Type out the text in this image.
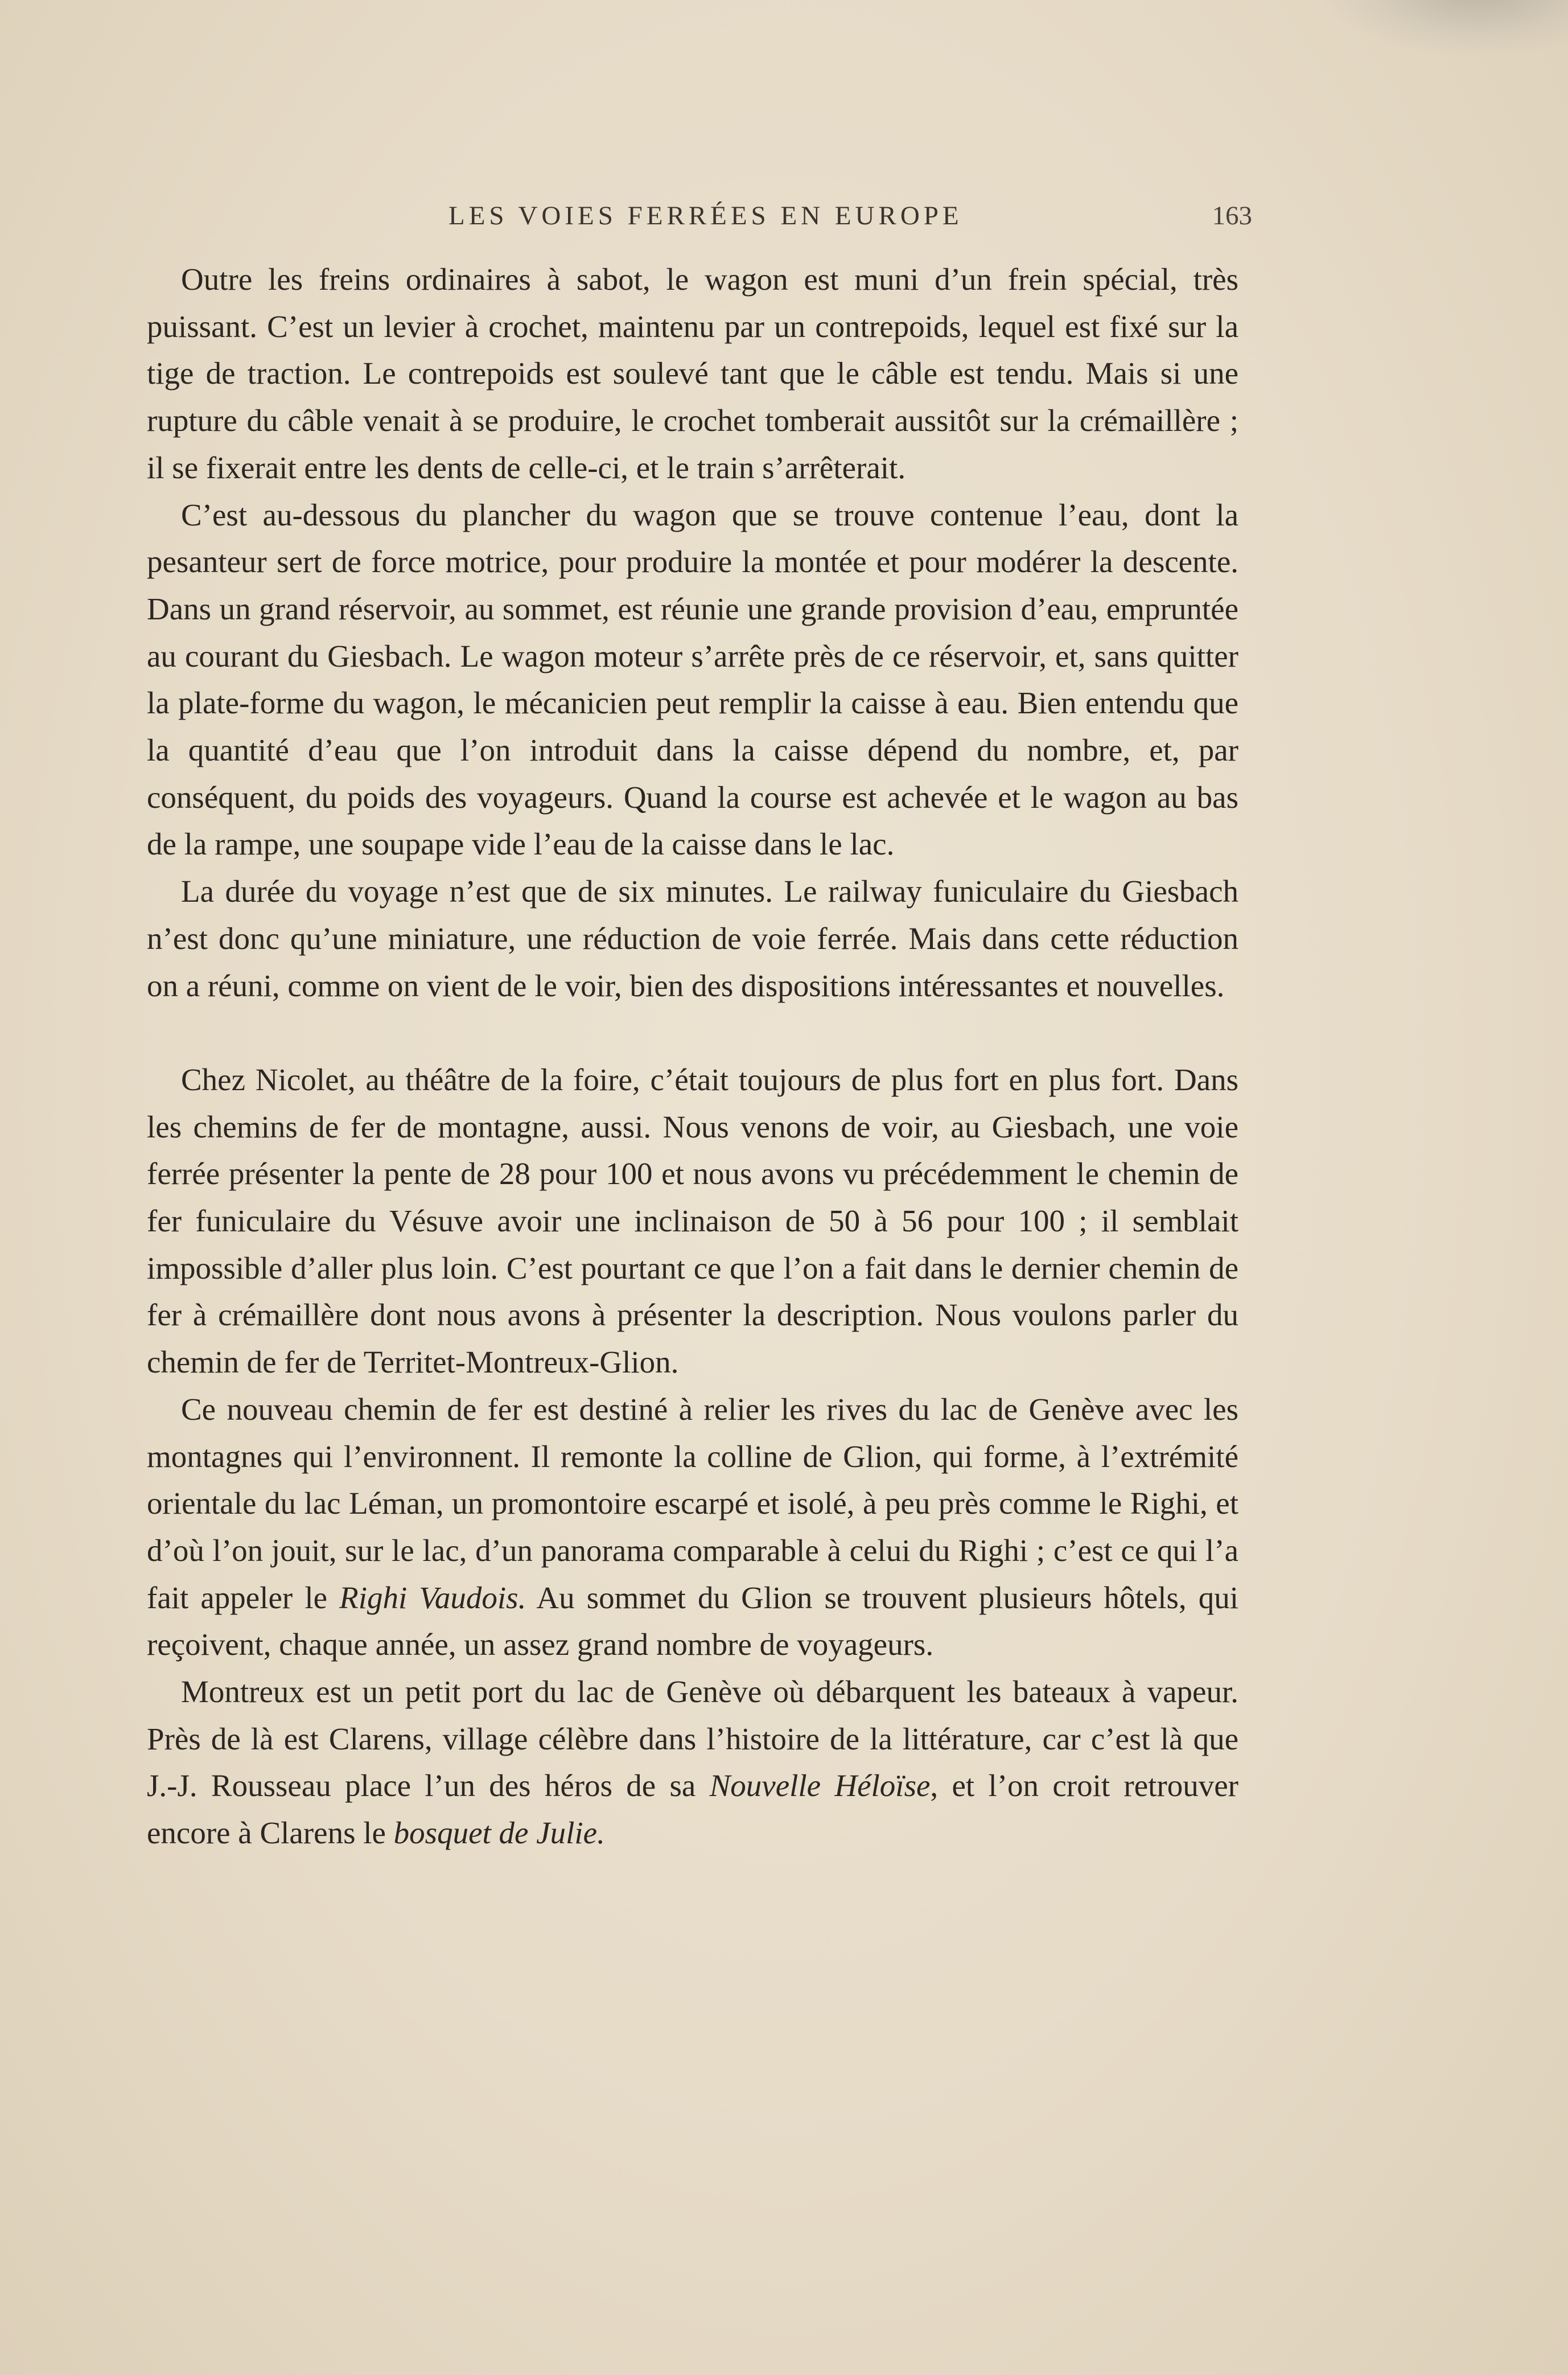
LES VOIES FERRÉES EN EUROPE	163

Outre les freins ordinaires à sabot, le wagon est muni d’un frein spécial, très puissant. C’est un levier à crochet, maintenu par un contrepoids, lequel est fixé sur la tige de traction. Le contrepoids est soulevé tant que le câble est tendu. Mais si une rupture du câble venait à se produire, le crochet tomberait aussitôt sur la crémaillère ; il se fixerait entre les dents de celle-ci, et le train s’arrêterait.

C’est au-dessous du plancher du wagon que se trouve contenue l’eau, dont la pesanteur sert de force motrice, pour produire la montée et pour modérer la descente. Dans un grand réservoir, au sommet, est réunie une grande provision d’eau, empruntée au courant du Giesbach. Le wagon moteur s’arrête près de ce réservoir, et, sans quitter la plate-forme du wagon, le mécanicien peut remplir la caisse à eau. Bien entendu que la quantité d’eau que l’on introduit dans la caisse dépend du nombre, et, par conséquent, du poids des voyageurs. Quand la course est achevée et le wagon au bas de la rampe, une soupape vide l’eau de la caisse dans le lac.

La durée du voyage n’est que de six minutes. Le railway funiculaire du Giesbach n’est donc qu’une miniature, une réduction de voie ferrée. Mais dans cette réduction on a réuni, comme on vient de le voir, bien des dispositions intéressantes et nouvelles.

Chez Nicolet, au théâtre de la foire, c’était toujours de plus fort en plus fort. Dans les chemins de fer de montagne, aussi. Nous venons de voir, au Giesbach, une voie ferrée présenter la pente de 28 pour 100 et nous avons vu précédemment le chemin de fer funiculaire du Vésuve avoir une inclinaison de 50 à 56 pour 100 ; il semblait impossible d’aller plus loin. C’est pourtant ce que l’on a fait dans le dernier chemin de fer à crémaillère dont nous avons à présenter la description. Nous voulons parler du chemin de fer de Territet-Montreux-Glion.

Ce nouveau chemin de fer est destiné à relier les rives du lac de Genève avec les montagnes qui l’environnent. Il remonte la colline de Glion, qui forme, à l’extrémité orientale du lac Léman, un promontoire escarpé et isolé, à peu près comme le Righi, et d’où l’on jouit, sur le lac, d’un panorama comparable à celui du Righi ; c’est ce qui l’a fait appeler le Righi Vaudois. Au sommet du Glion se trouvent plusieurs hôtels, qui reçoivent, chaque année, un assez grand nombre de voyageurs.

Montreux est un petit port du lac de Genève où débarquent les bateaux à vapeur. Près de là est Clarens, village célèbre dans l’histoire de la littérature, car c’est là que J.-J. Rousseau place l’un des héros de sa Nouvelle Héloïse, et l’on croit retrouver encore à Clarens le bosquet de Julie.
